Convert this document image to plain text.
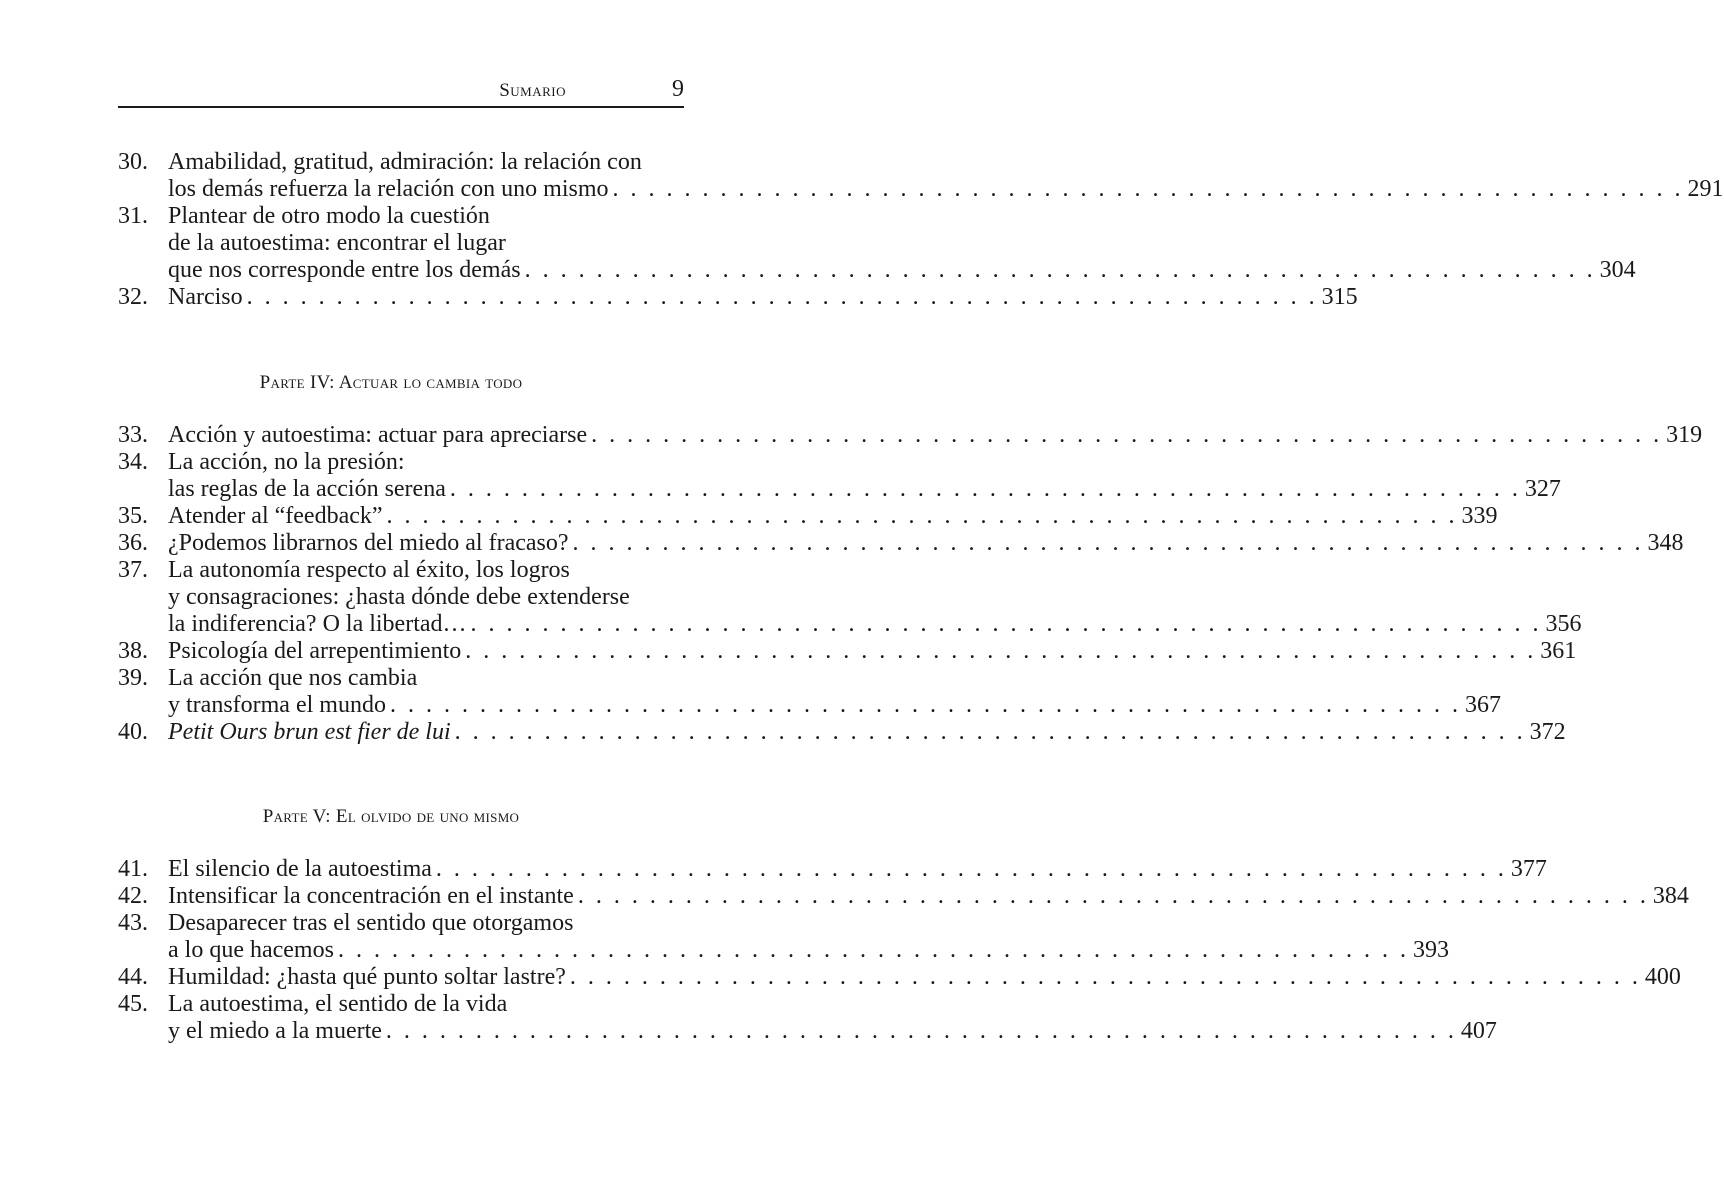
Sumario	9
30. Amabilidad, gratitud, admiración: la relación con
los demás refuerza la relación con uno mismo . . . . . . . . . . . . . . . . . . . . . . . . . . . . . . . . . . . . . . . . . . . . . . . . . . . . . . . . . . . . 291
31. Plantear de otro modo la cuestión
de la autoestima: encontrar el lugar
que nos corresponde entre los demás . . . . . . . . . . . . . . . . . . . . . . . . . . . . . . . . . . . . . . . . . . . . . . . . . . . . . . . . . . . . 304
32. Narciso . . . . . . . . . . . . . . . . . . . . . . . . . . . . . . . . . . . . . . . . . . . . . . . . . . . . . . . . . . . . 315
Parte IV: Actuar lo cambia todo
33. Acción y autoestima: actuar para apreciarse . . . . . . . . . . . . . . . . . . . . . . . . . . . . . . . . . . . . . . . . . . . . . . . . . . . . . . . . . . . . 319
34. La acción, no la presión:
las reglas de la acción serena . . . . . . . . . . . . . . . . . . . . . . . . . . . . . . . . . . . . . . . . . . . . . . . . . . . . . . . . . . . . 327
35. Atender al “feedback” . . . . . . . . . . . . . . . . . . . . . . . . . . . . . . . . . . . . . . . . . . . . . . . . . . . . . . . . . . . . 339
36. ¿Podemos librarnos del miedo al fracaso? . . . . . . . . . . . . . . . . . . . . . . . . . . . . . . . . . . . . . . . . . . . . . . . . . . . . . . . . . . . . 348
37. La autonomía respecto al éxito, los logros
y consagraciones: ¿hasta dónde debe extenderse
la indiferencia? O la libertad… . . . . . . . . . . . . . . . . . . . . . . . . . . . . . . . . . . . . . . . . . . . . . . . . . . . . . . . . . . . . 356
38. Psicología del arrepentimiento . . . . . . . . . . . . . . . . . . . . . . . . . . . . . . . . . . . . . . . . . . . . . . . . . . . . . . . . . . . . 361
39. La acción que nos cambia
y transforma el mundo . . . . . . . . . . . . . . . . . . . . . . . . . . . . . . . . . . . . . . . . . . . . . . . . . . . . . . . . . . . . 367
40. Petit Ours brun est fier de lui . . . . . . . . . . . . . . . . . . . . . . . . . . . . . . . . . . . . . . . . . . . . . . . . . . . . . . . . . . . . 372
Parte V: El olvido de uno mismo
41. El silencio de la autoestima . . . . . . . . . . . . . . . . . . . . . . . . . . . . . . . . . . . . . . . . . . . . . . . . . . . . . . . . . . . . 377
42. Intensificar la concentración en el instante . . . . . . . . . . . . . . . . . . . . . . . . . . . . . . . . . . . . . . . . . . . . . . . . . . . . . . . . . . . . 384
43. Desaparecer tras el sentido que otorgamos
a lo que hacemos . . . . . . . . . . . . . . . . . . . . . . . . . . . . . . . . . . . . . . . . . . . . . . . . . . . . . . . . . . . . 393
44. Humildad: ¿hasta qué punto soltar lastre? . . . . . . . . . . . . . . . . . . . . . . . . . . . . . . . . . . . . . . . . . . . . . . . . . . . . . . . . . . . . 400
45. La autoestima, el sentido de la vida
y el miedo a la muerte . . . . . . . . . . . . . . . . . . . . . . . . . . . . . . . . . . . . . . . . . . . . . . . . . . . . . . . . . . . . 407
